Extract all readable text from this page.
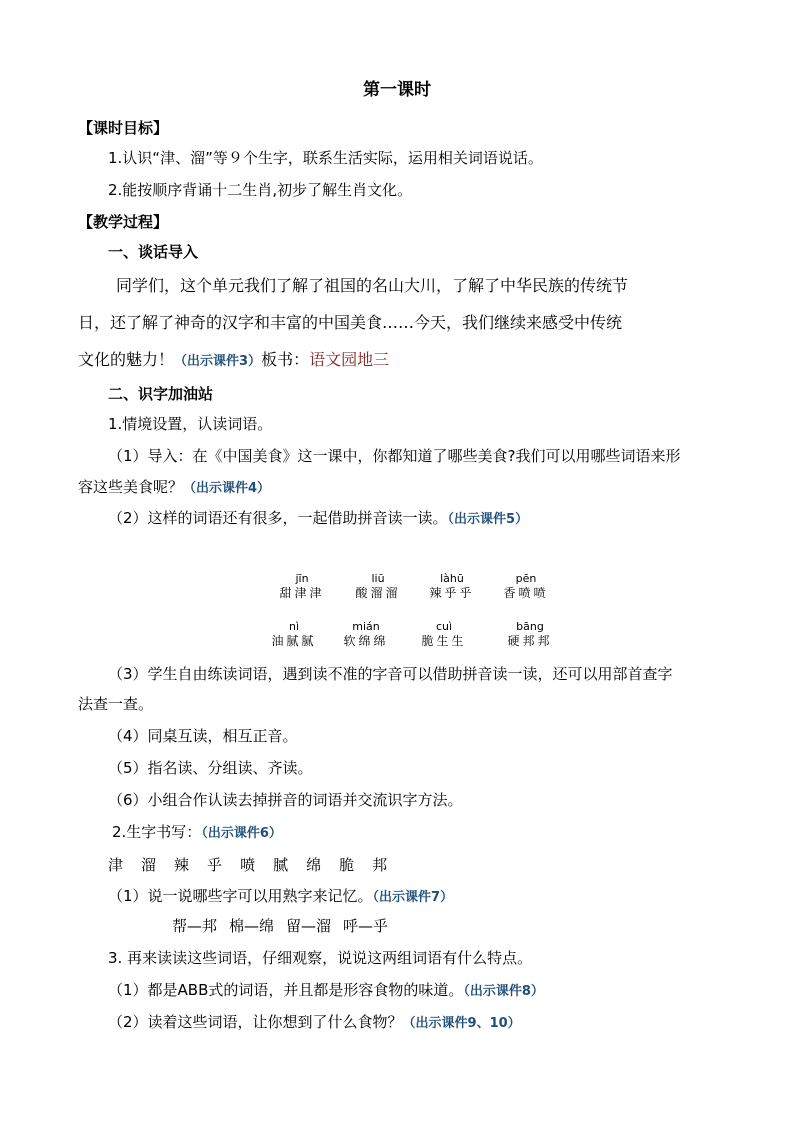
第一课时
【课时目标】
1.认识“津、溜”等９个生字，联系生活实际，运用相关词语说话。
2.能按顺序背诵十二生肖,初步了解生肖文化。
【教学过程】
一、谈话导入
同学们，这个单元我们了解了祖国的名山大川，了解了中华民族的传统节
日，还了解了神奇的汉字和丰富的中国美食……今天，我们继续来感受中传统
文化的魅力！（出示课件3）板书：语文园地三
二、识字加油站
1.情境设置，认读词语。
（1）导入：在《中国美食》这一课中，你都知道了哪些美食?我们可以用哪些词语来形
容这些美食呢？（出示课件4）
（2）这样的词语还有很多，一起借助拼音读一读。（出示课件5）
jīn
甜津津
liū
酸溜溜
làhū
辣乎乎
pēn
香喷喷
nì
油腻腻
mián
软绵绵
cuì
脆生生
bāng
硬邦邦
（3）学生自由练读词语，遇到读不准的字音可以借助拼音读一读，还可以用部首查字
法查一查。
（4）同桌互读，相互正音。
（5）指名读、分组读、齐读。
（6）小组合作认读去掉拼音的词语并交流识字方法。
2.生字书写：（出示课件6）
津 溜 辣 乎 喷 腻 绵 脆 邦
（1）说一说哪些字可以用熟字来记忆。（出示课件7）
帮—邦 棉—绵 留—溜 呼—乎
3. 再来读读这些词语，仔细观察，说说这两组词语有什么特点。
（1）都是ABB式的词语，并且都是形容食物的味道。（出示课件8）
（2）读着这些词语，让你想到了什么食物？（出示课件9、10）
